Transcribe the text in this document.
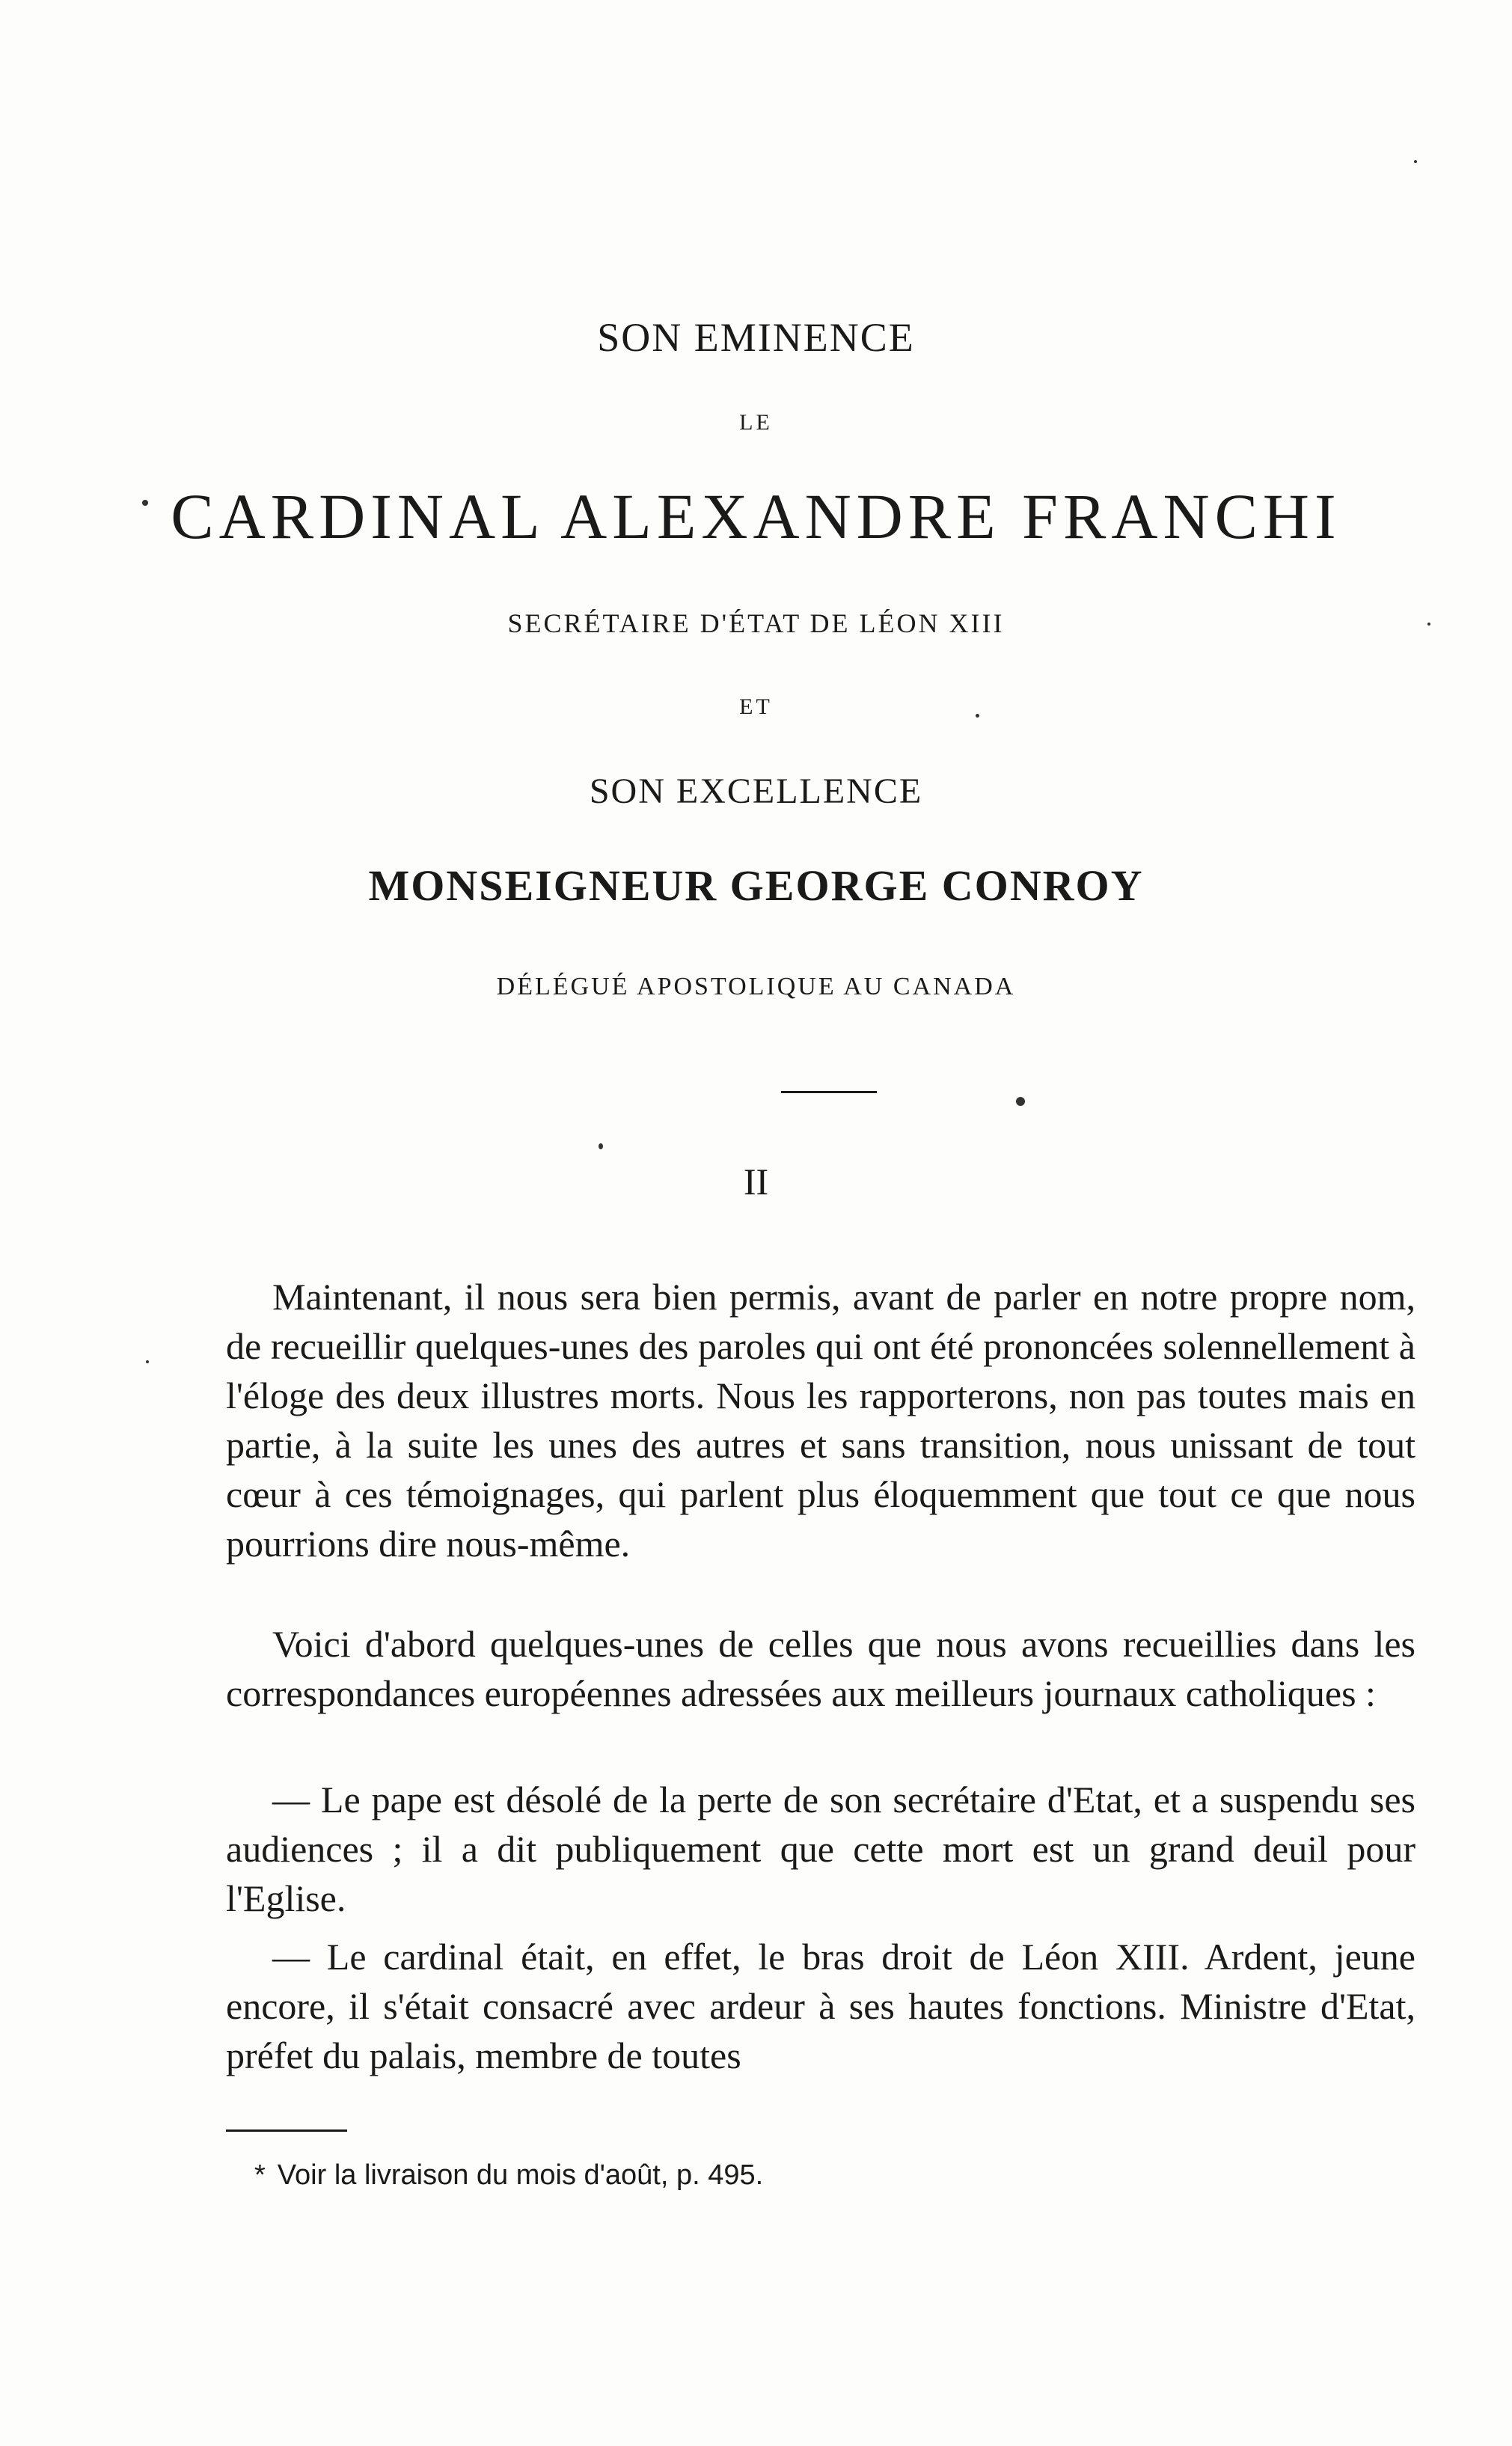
SON EMINENCE
LE
CARDINAL ALEXANDRE FRANCHI
SECRÉTAIRE D'ÉTAT DE LÉON XIII
ET
SON EXCELLENCE
MONSEIGNEUR GEORGE CONROY
DÉLÉGUÉ APOSTOLIQUE AU CANADA
II

Maintenant, il nous sera bien permis, avant de parler en notre propre nom, de recueillir quelques-unes des paroles qui ont été prononcées solennellement à l'éloge des deux illustres morts. Nous les rapporterons, non pas toutes mais en partie, à la suite les unes des autres et sans transition, nous unissant de tout cœur à ces témoignages, qui parlent plus éloquemment que tout ce que nous pourrions dire nous-même.

Voici d'abord quelques-unes de celles que nous avons recueillies dans les correspondances européennes adressées aux meilleurs journaux catholiques :

— Le pape est désolé de la perte de son secrétaire d'Etat, et a suspendu ses audiences ; il a dit publiquement que cette mort est un grand deuil pour l'Eglise.

— Le cardinal était, en effet, le bras droit de Léon XIII. Ardent, jeune encore, il s'était consacré avec ardeur à ses hautes fonctions. Ministre d'Etat, préfet du palais, membre de toutes

* Voir la livraison du mois d'août, p. 495.
